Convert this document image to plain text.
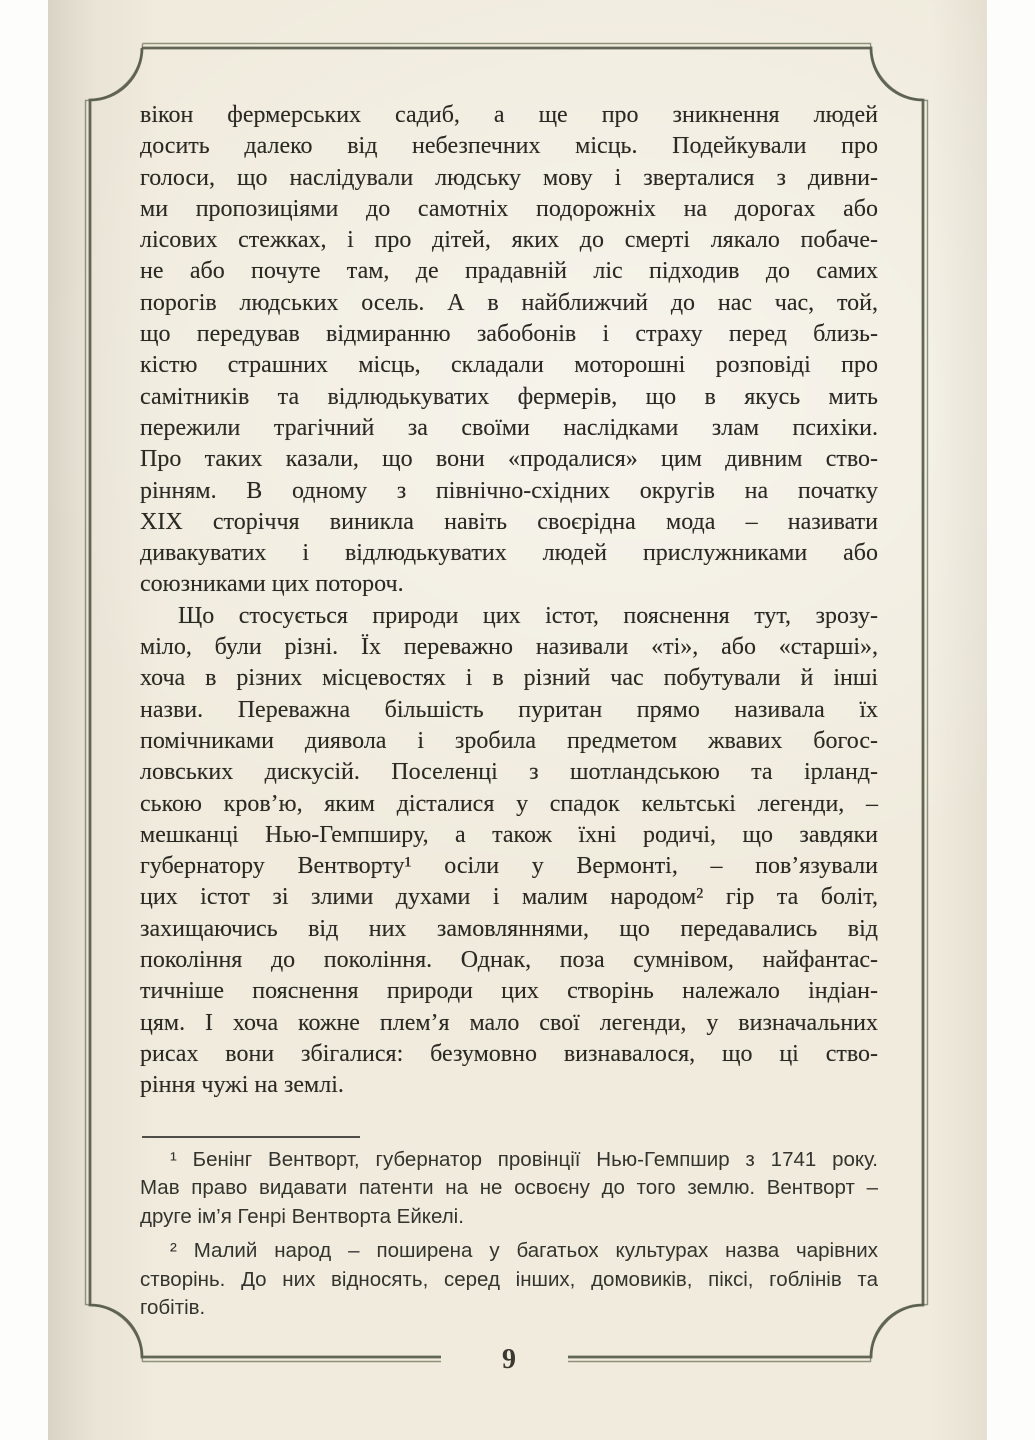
вікон фермерських садиб, а ще про зникнення людей
досить далеко від небезпечних місць. Подейкували про
голоси, що наслідували людську мову і зверталися з дивни-
ми пропозиціями до самотніх подорожніх на дорогах або
лісових стежках, і про дітей, яких до смерті лякало побаче-
не або почуте там, де прадавній ліс підходив до самих
порогів людських осель. А в найближчий до нас час, той,
що передував відмиранню забобонів і страху перед близь-
кістю страшних місць, складали моторошні розповіді про
самітників та відлюдькуватих фермерів, що в якусь мить
пережили трагічний за своїми наслідками злам психіки.
Про таких казали, що вони «продалися» цим дивним ство-
рінням. В одному з північно-східних округів на початку
XIX сторіччя виникла навіть своєрідна мода – називати
дивакуватих і відлюдькуватих людей прислужниками або
союзниками цих потороч.
Що стосується природи цих істот, пояснення тут, зрозу-
міло, були різні. Їх переважно називали «ті», або «старші»,
хоча в різних місцевостях і в різний час побутували й інші
назви. Переважна більшість пуритан прямо називала їх
помічниками диявола і зробила предметом жвавих богос-
ловських дискусій. Поселенці з шотландською та ірланд-
ською кров’ю, яким дісталися у спадок кельтські легенди, –
мешканці Нью-Гемпширу, а також їхні родичі, що завдяки
губернатору Вентворту¹ осіли у Вермонті, – пов’язували
цих істот зі злими духами і малим народом² гір та боліт,
захищаючись від них замовляннями, що передавались від
покоління до покоління. Однак, поза сумнівом, найфантас-
тичніше пояснення природи цих створінь належало індіан-
цям. І хоча кожне плем’я мало свої легенди, у визначальних
рисах вони збігалися: безумовно визнавалося, що ці ство-
ріння чужі на землі.
¹ Бенінг Вентворт, губернатор провінції Нью-Гемпшир з 1741 року.
Мав право видавати патенти на не освоєну до того землю. Вентворт –
друге ім’я Генрі Вентворта Ейкелі.
² Малий народ – поширена у багатьох культурах назва чарівних
створінь. До них відносять, серед інших, домовиків, піксі, гоблінів та
гобітів.
9
